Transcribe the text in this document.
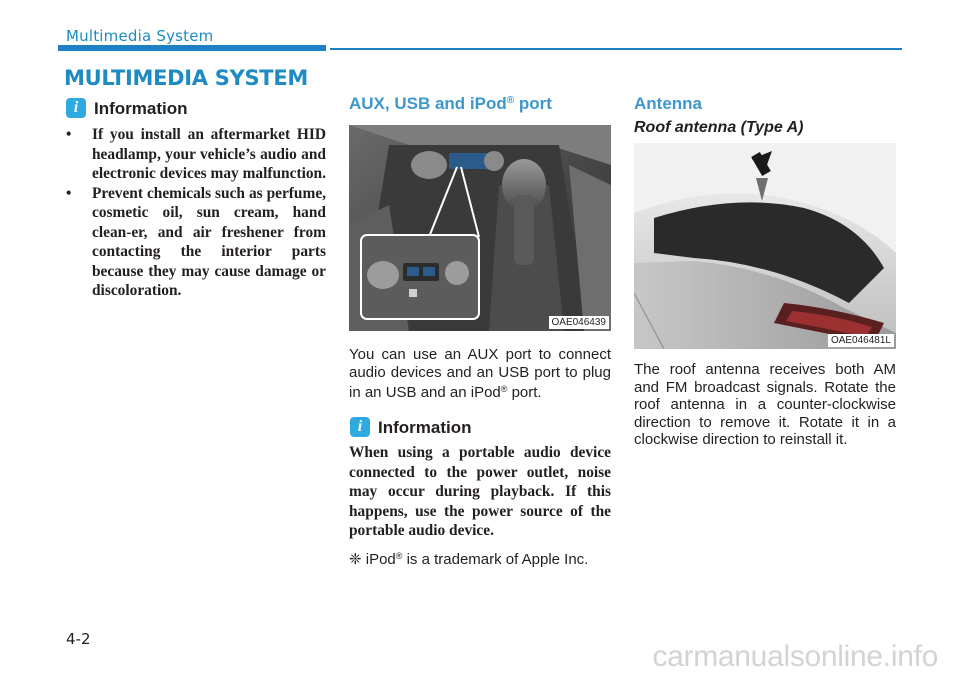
Multimedia System
MULTIMEDIA SYSTEM
i Information
• If you install an aftermarket HID headlamp, your vehicle’s audio and electronic devices may malfunction.
• Prevent chemicals such as perfume, cosmetic oil, sun cream, hand clean-er, and air freshener from contacting the interior parts because they may cause damage or discoloration.
AUX, USB and iPod® port
OAE046439
You can use an AUX port to connect audio devices and an USB port to plug in an USB and an iPod® port.
i Information
When using a portable audio device connected to the power outlet, noise may occur during playback. If this happens, use the power source of the portable audio device.
❈ iPod® is a trademark of Apple Inc.
Antenna
Roof antenna (Type A)
OAE046481L
The roof antenna receives both AM and FM broadcast signals. Rotate the roof antenna in a counter-clockwise direction to remove it. Rotate it in a clockwise direction to reinstall it.
4-2
carmanualsonline.info
